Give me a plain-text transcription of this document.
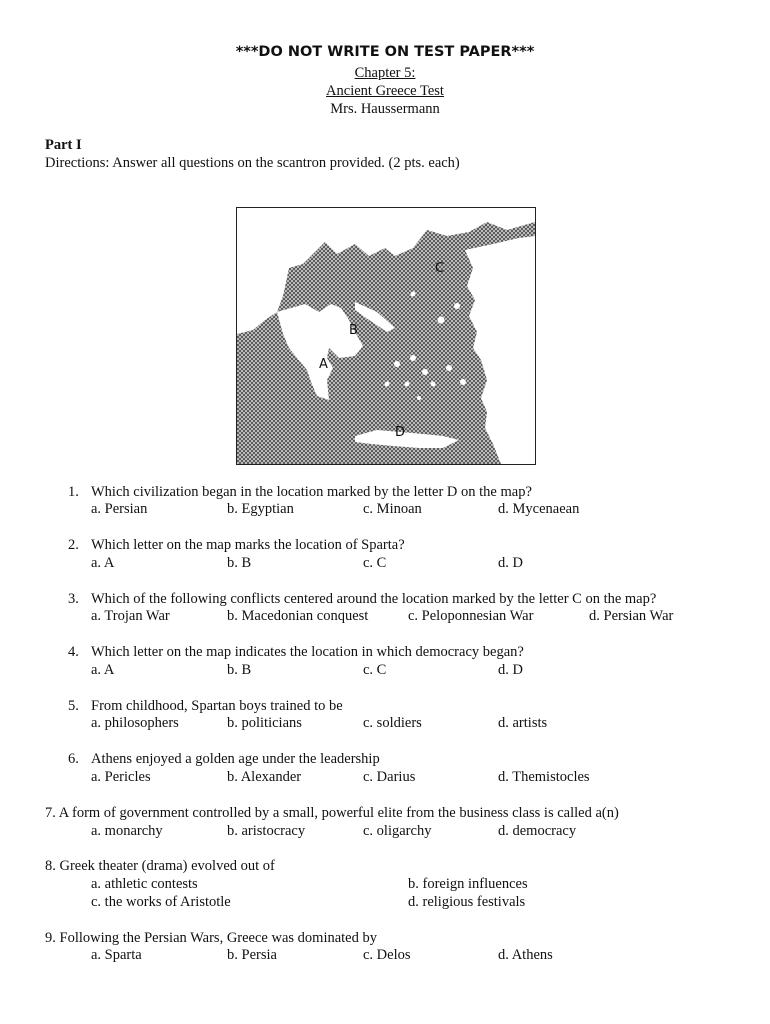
***DO NOT WRITE ON TEST PAPER***
Chapter 5:
Ancient Greece Test
Mrs. Haussermann
Part I
Directions: Answer all questions on the scantron provided. (2 pts. each)
A
B
C
D
1. Which civilization began in the location marked by the letter D on the map?
a. Persian	b. Egyptian	c. Minoan	d. Mycenaean
2. Which letter on the map marks the location of Sparta?
a. A	b. B	c. C	d. D
3. Which of the following conflicts centered around the location marked by the letter C on the map?
a. Trojan War	b. Macedonian conquest	c. Peloponnesian War	d. Persian War
4. Which letter on the map indicates the location in which democracy began?
a. A	b. B	c. C	d. D
5. From childhood, Spartan boys trained to be
a. philosophers	b. politicians	c. soldiers	d. artists
6. Athens enjoyed a golden age under the leadership
a. Pericles	b. Alexander	c. Darius	d. Themistocles
7. A form of government controlled by a small, powerful elite from the business class is called a(n)
a. monarchy	b. aristocracy	c. oligarchy	d. democracy
8. Greek theater (drama) evolved out of
a. athletic contests	b. foreign influences
c. the works of Aristotle	d. religious festivals
9. Following the Persian Wars, Greece was dominated by
a. Sparta	b. Persia	c. Delos	d. Athens
